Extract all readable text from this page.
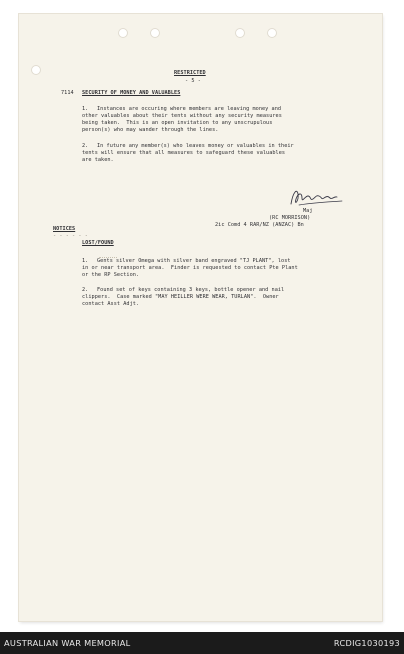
RESTRICTED
- 5 -
7114 SECURITY OF MONEY AND VALUABLES
1. Instances are occuring where members are leaving money and
other valuables about their tents without any security measures
being taken.  This is an open invitation to any unscrupulous
person(s) who may wander through the lines.
2. In future any member(s) who leaves money or valuables in their
tents will ensure that all measures to safeguard these valuables
are taken.
Maj
(RC MORRISON)
2ic Comd 4 RAR/NZ (ANZAC) Bn
NOTICES
- - - - - -
LOST/FOUND
1. Gents silver Omega with silver band engraved "TJ PLANT", lost
in or near transport area.  Finder is requested to contact Pte Plant
or the RP Section.
2. Found set of keys containing 3 keys, bottle opener and nail
clippers.  Case marked "MAY HEILLER WERE WEAR, TURLAN".  Owner
contact Asst Adjt.
AUSTRALIAN WAR MEMORIAL	RCDIG1030193
